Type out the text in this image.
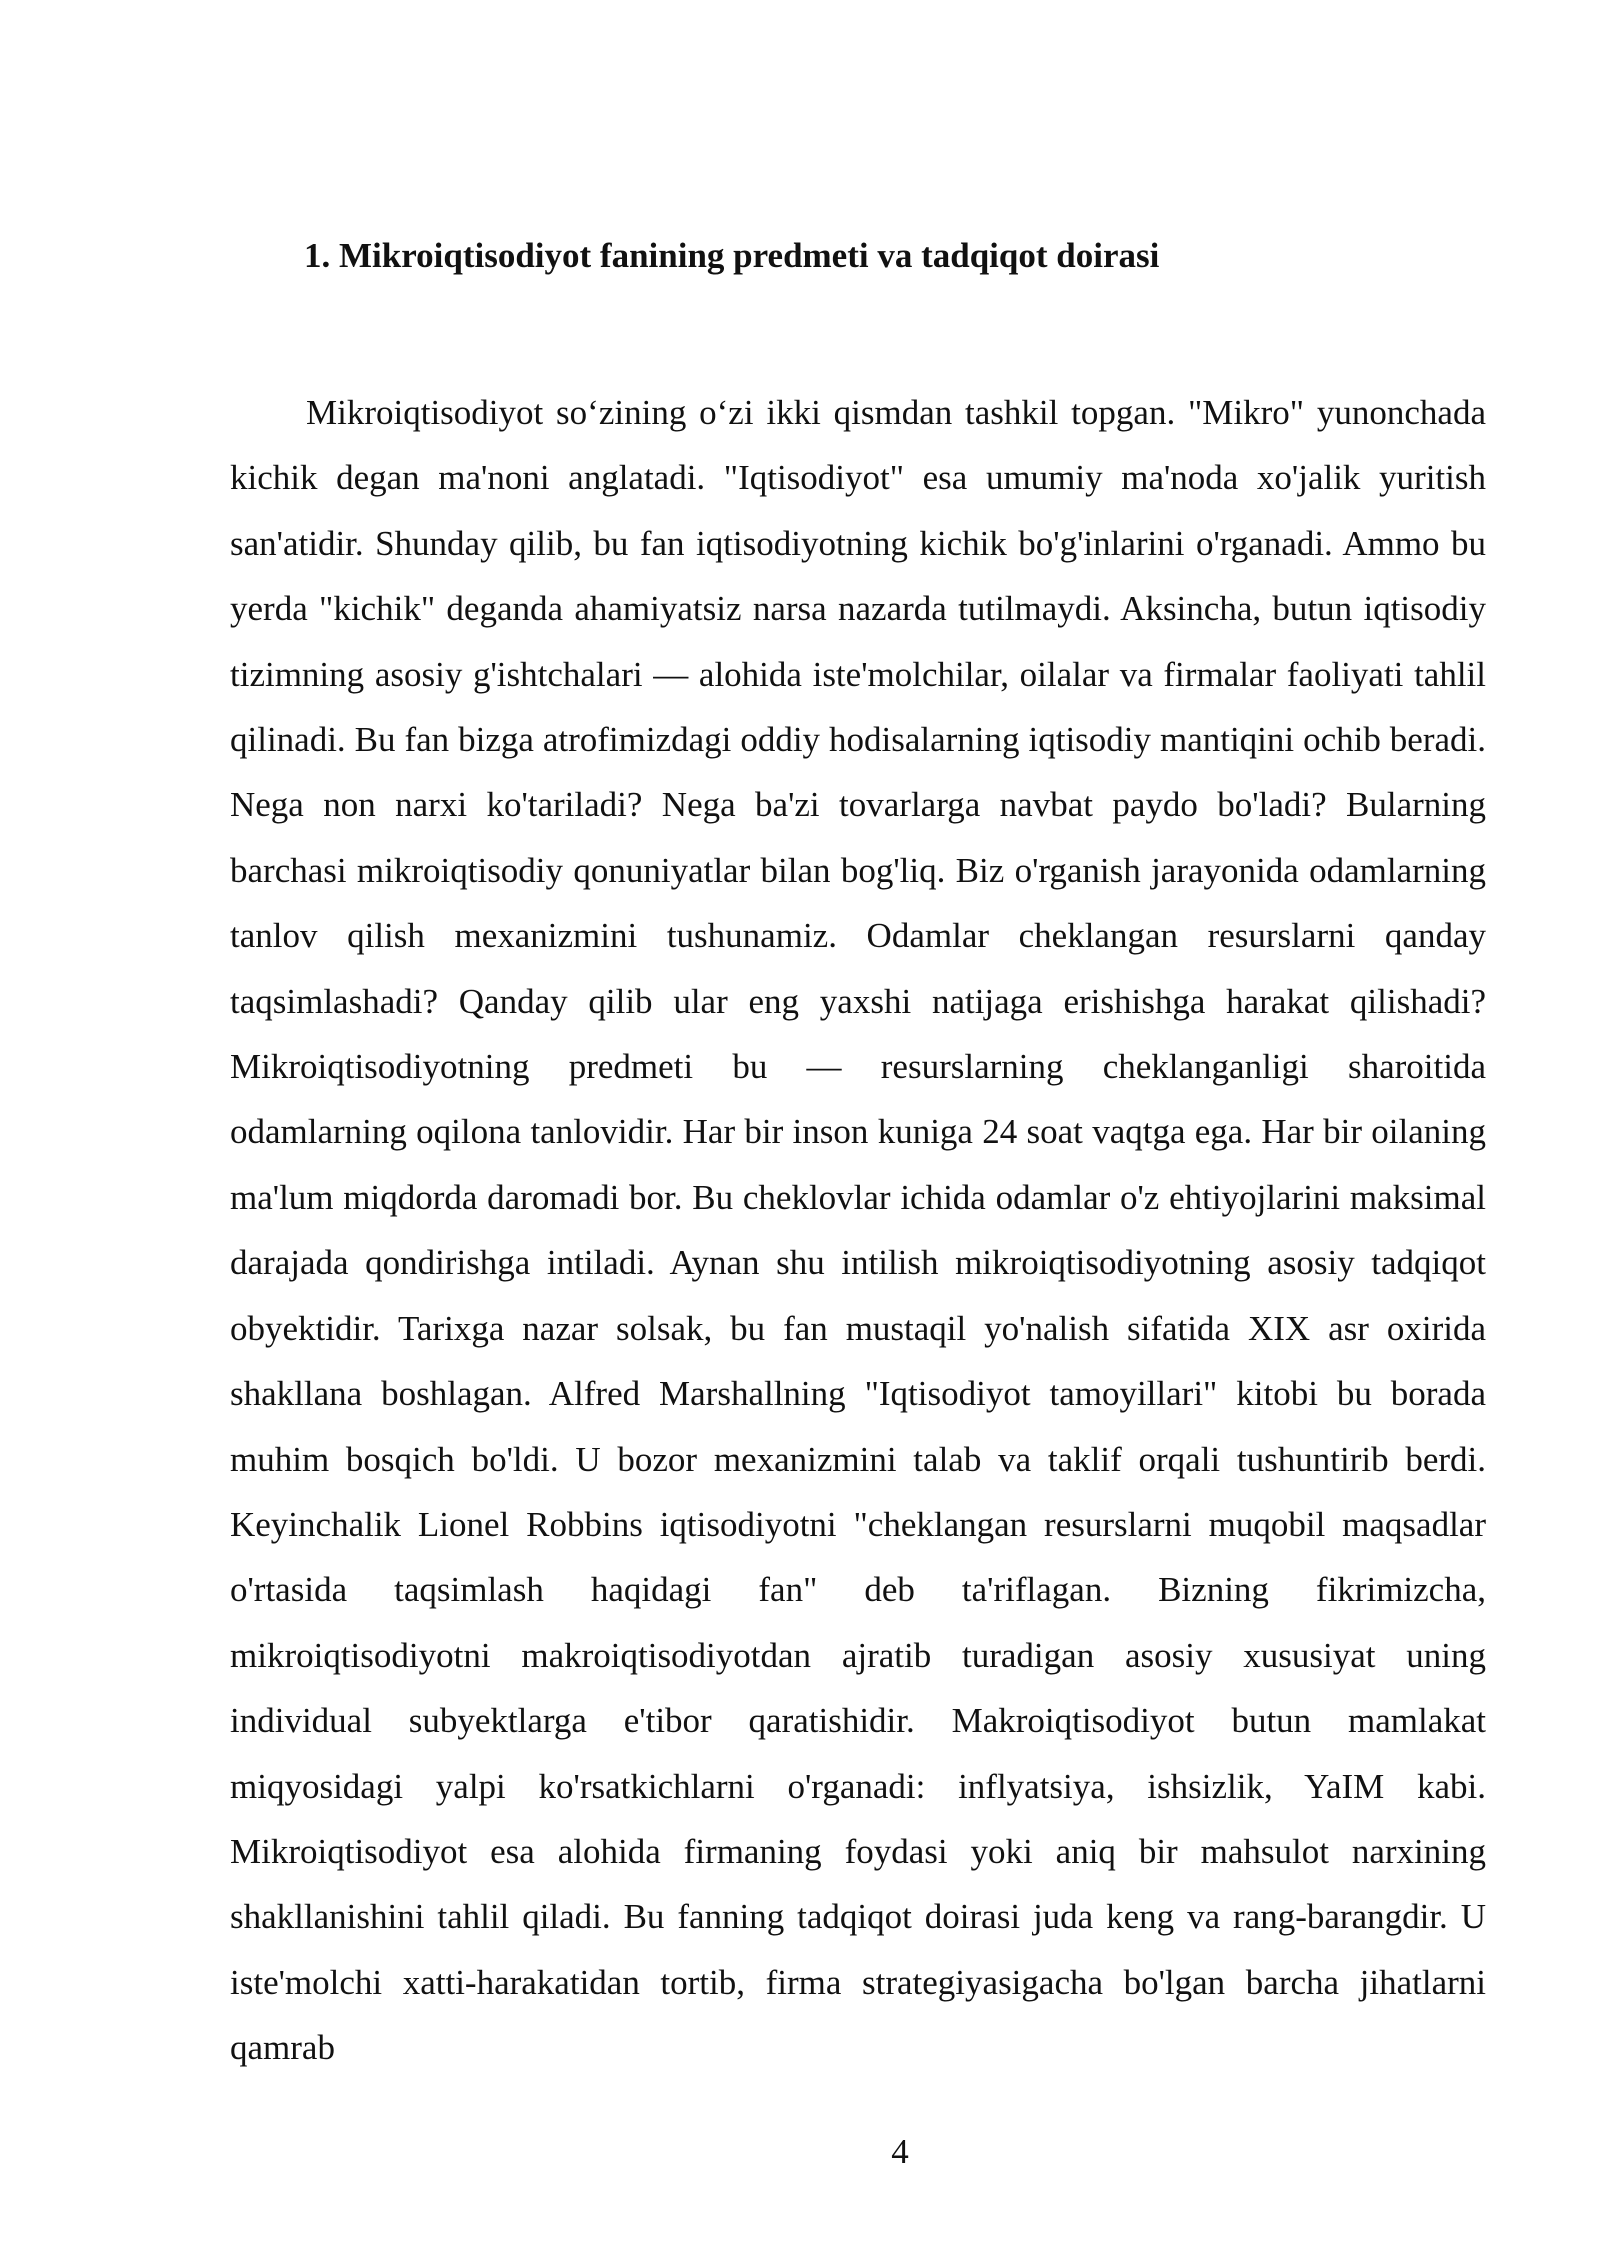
1. Mikroiqtisodiyot fanining predmeti va tadqiqot doirasi

Mikroiqtisodiyot so‘zining o‘zi ikki qismdan tashkil topgan. "Mikro" yunonchada kichik degan ma'noni anglatadi. "Iqtisodiyot" esa umumiy ma'noda xo'jalik yuritish san'atidir. Shunday qilib, bu fan iqtisodiyotning kichik bo'g'inlarini o'rganadi. Ammo bu yerda "kichik" deganda ahamiyatsiz narsa nazarda tutilmaydi. Aksincha, butun iqtisodiy tizimning asosiy g'ishtchalari — alohida iste'molchilar, oilalar va firmalar faoliyati tahlil qilinadi. Bu fan bizga atrofimizdagi oddiy hodisalarning iqtisodiy mantiqini ochib beradi. Nega non narxi ko'tariladi? Nega ba'zi tovarlarga navbat paydo bo'ladi? Bularning barchasi mikroiqtisodiy qonuniyatlar bilan bog'liq. Biz o'rganish jarayonida odamlarning tanlov qilish mexanizmini tushunamiz. Odamlar cheklangan resurslarni qanday taqsimlashadi? Qanday qilib ular eng yaxshi natijaga erishishga harakat qilishadi? Mikroiqtisodiyotning predmeti bu — resurslarning cheklanganligi sharoitida odamlarning oqilona tanlovidir. Har bir inson kuniga 24 soat vaqtga ega. Har bir oilaning ma'lum miqdorda daromadi bor. Bu cheklovlar ichida odamlar o'z ehtiyojlarini maksimal darajada qondirishga intiladi. Aynan shu intilish mikroiqtisodiyotning asosiy tadqiqot obyektidir. Tarixga nazar solsak, bu fan mustaqil yo'nalish sifatida XIX asr oxirida shakllana boshlagan. Alfred Marshallning "Iqtisodiyot tamoyillari" kitobi bu borada muhim bosqich bo'ldi. U bozor mexanizmini talab va taklif orqali tushuntirib berdi. Keyinchalik Lionel Robbins iqtisodiyotni "cheklangan resurslarni muqobil maqsadlar o'rtasida taqsimlash haqidagi fan" deb ta'riflagan. Bizning fikrimizcha, mikroiqtisodiyotni makroiqtisodiyotdan ajratib turadigan asosiy xususiyat uning individual subyektlarga e'tibor qaratishidir. Makroiqtisodiyot butun mamlakat miqyosidagi yalpi ko'rsatkichlarni o'rganadi: inflyatsiya, ishsizlik, YaIM kabi. Mikroiqtisodiyot esa alohida firmaning foydasi yoki aniq bir mahsulot narxining shakllanishini tahlil qiladi. Bu fanning tadqiqot doirasi juda keng va rang-barangdir. U iste'molchi xatti-harakatidan tortib, firma strategiyasigacha bo'lgan barcha jihatlarni qamrab

4
